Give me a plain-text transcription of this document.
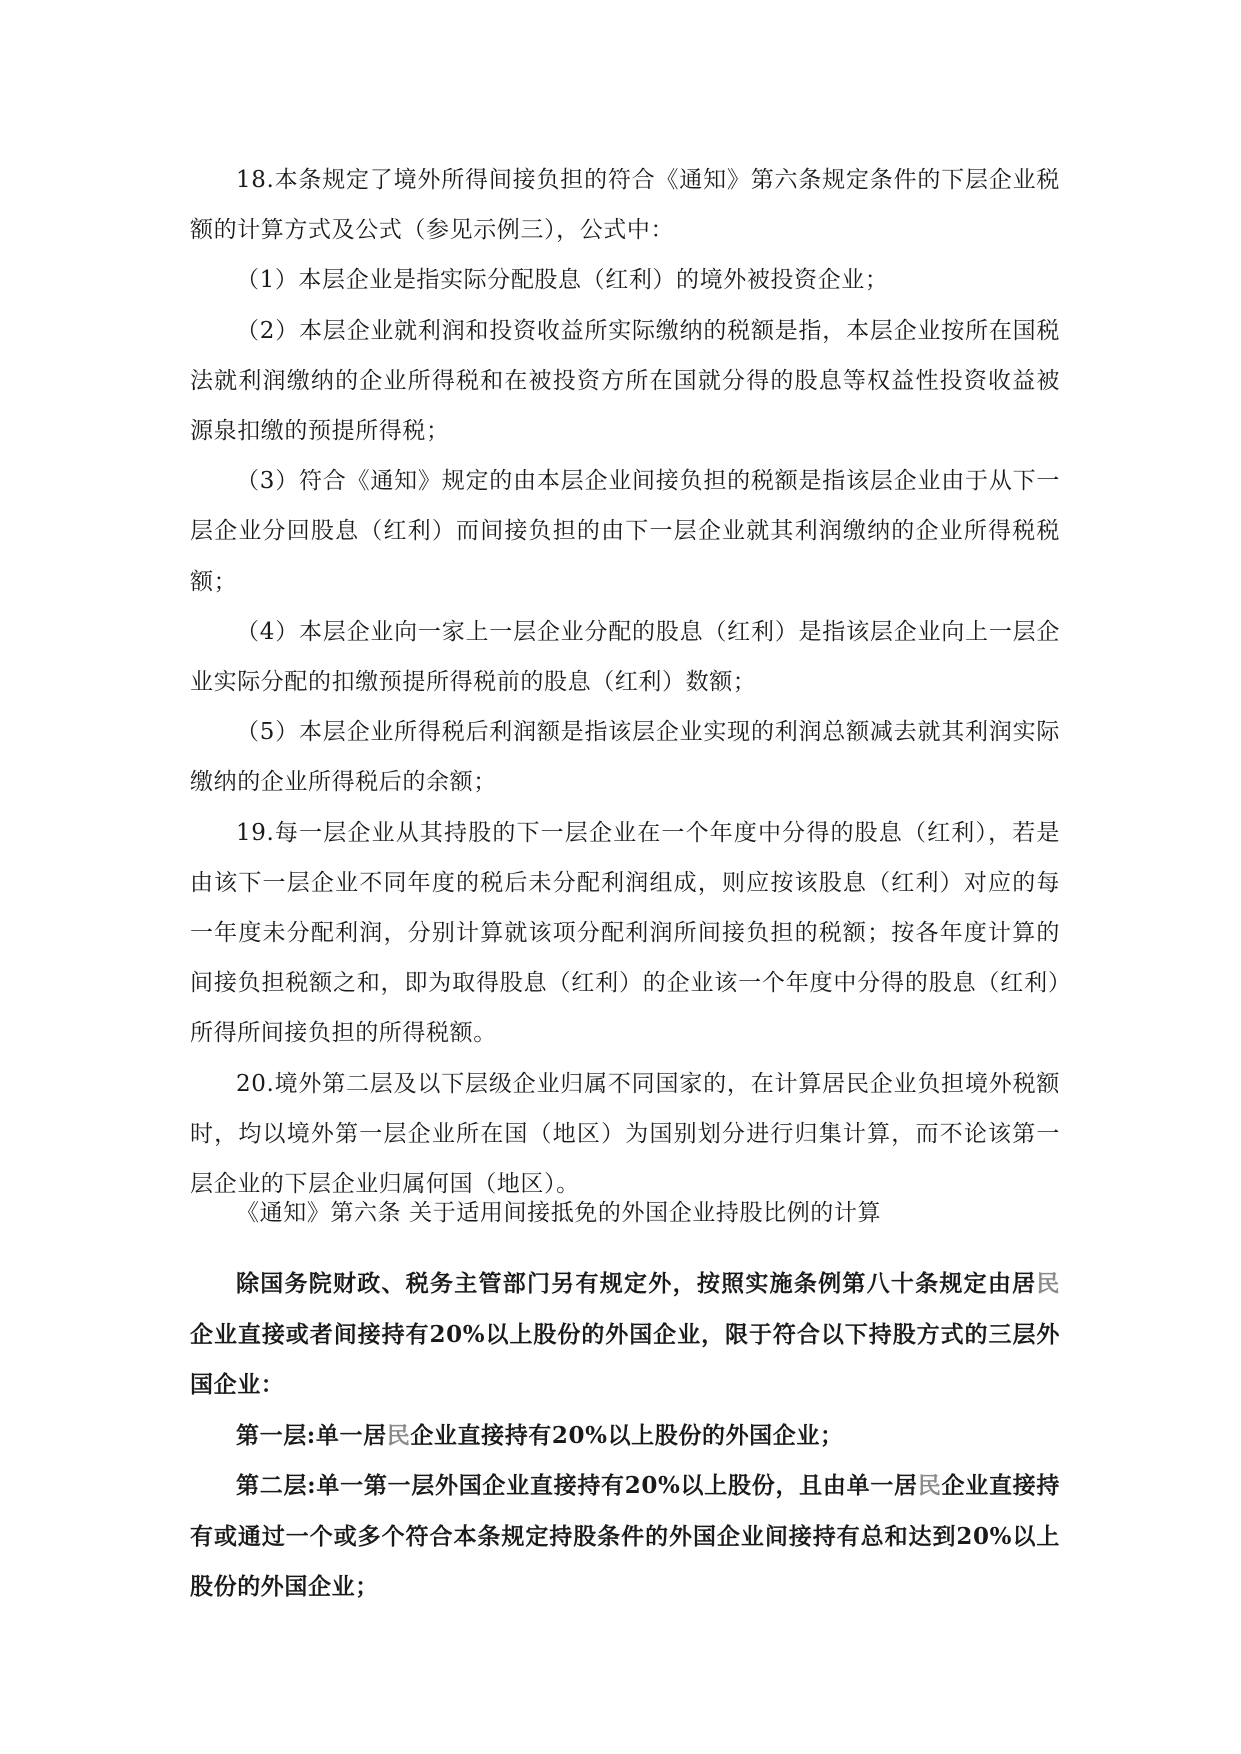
18.本条规定了境外所得间接负担的符合《通知》第六条规定条件的下层企业税额的计算方式及公式（参见示例三），公式中：

（1）本层企业是指实际分配股息（红利）的境外被投资企业；

（2）本层企业就利润和投资收益所实际缴纳的税额是指，本层企业按所在国税法就利润缴纳的企业所得税和在被投资方所在国就分得的股息等权益性投资收益被源泉扣缴的预提所得税；

（3）符合《通知》规定的由本层企业间接负担的税额是指该层企业由于从下一层企业分回股息（红利）而间接负担的由下一层企业就其利润缴纳的企业所得税税额；

（4）本层企业向一家上一层企业分配的股息（红利）是指该层企业向上一层企业实际分配的扣缴预提所得税前的股息（红利）数额；

（5）本层企业所得税后利润额是指该层企业实现的利润总额减去就其利润实际缴纳的企业所得税后的余额；

19.每一层企业从其持股的下一层企业在一个年度中分得的股息（红利），若是由该下一层企业不同年度的税后未分配利润组成，则应按该股息（红利）对应的每一年度未分配利润，分别计算就该项分配利润所间接负担的税额；按各年度计算的间接负担税额之和，即为取得股息（红利）的企业该一个年度中分得的股息（红利）所得所间接负担的所得税额。

20.境外第二层及以下层级企业归属不同国家的，在计算居民企业负担境外税额时，均以境外第一层企业所在国（地区）为国别划分进行归集计算，而不论该第一层企业的下层企业归属何国（地区）。

《通知》第六条 关于适用间接抵免的外国企业持股比例的计算

除国务院财政、税务主管部门另有规定外，按照实施条例第八十条规定由居民企业直接或者间接持有20%以上股份的外国企业，限于符合以下持股方式的三层外国企业：

第一层:单一居民企业直接持有20%以上股份的外国企业；

第二层:单一第一层外国企业直接持有20%以上股份，且由单一居民企业直接持有或通过一个或多个符合本条规定持股条件的外国企业间接持有总和达到20%以上股份的外国企业；
